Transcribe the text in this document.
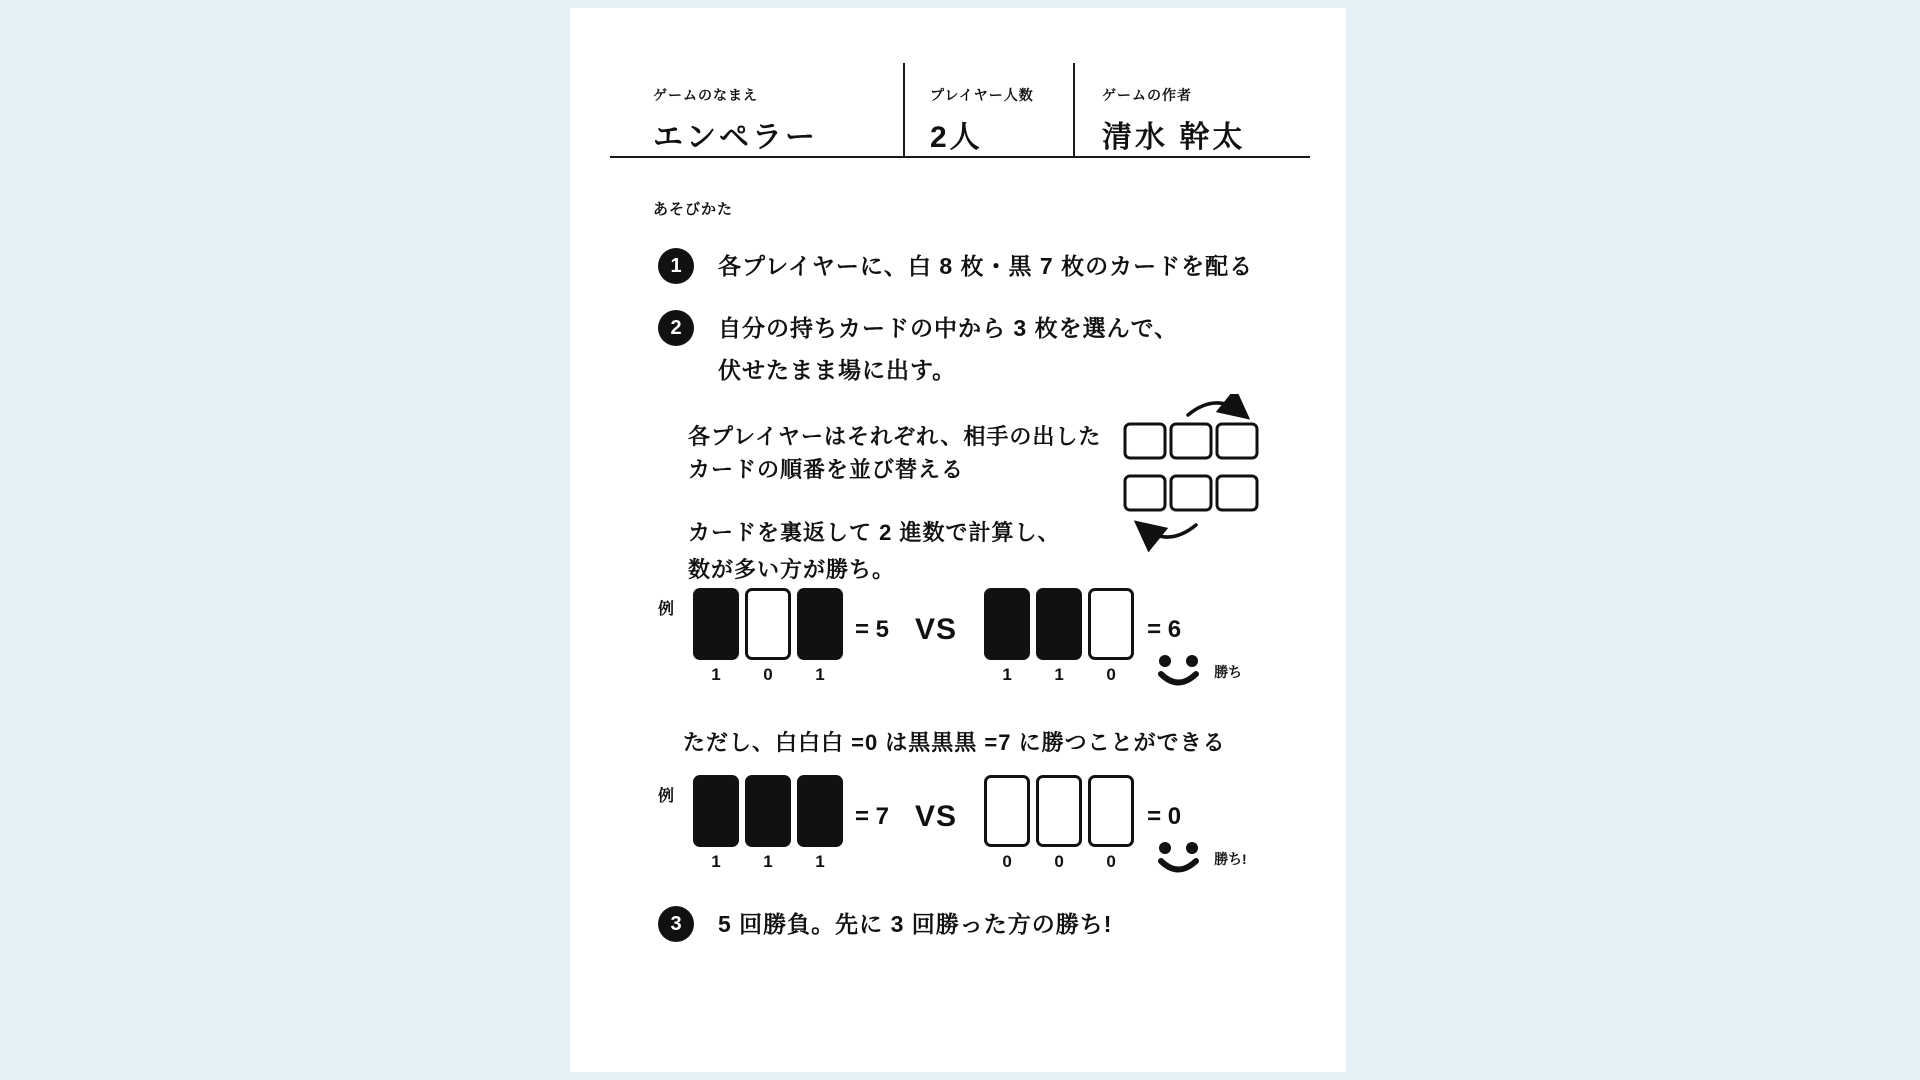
ゲームのなまえ
エンペラー
プレイヤー人数
2人
ゲームの作者
清水 幹太
あそびかた
1	各プレイヤーに、白 8 枚・黒 7 枚のカードを配る
2	自分の持ちカードの中から 3 枚を選んで、
伏せたまま場に出す。
各プレイヤーはそれぞれ、相手の出した
カードの順番を並び替える
カードを裏返して 2 進数で計算し、
数が多い方が勝ち。
例
1	0	1
= 5 VS
1	1	0
= 6
勝ち
ただし、白白白 =0 は黒黒黒 =7 に勝つことができる
例
1	1	1
= 7 VS
0	0	0
= 0
勝ち!
3	5 回勝負。先に 3 回勝った方の勝ち!
